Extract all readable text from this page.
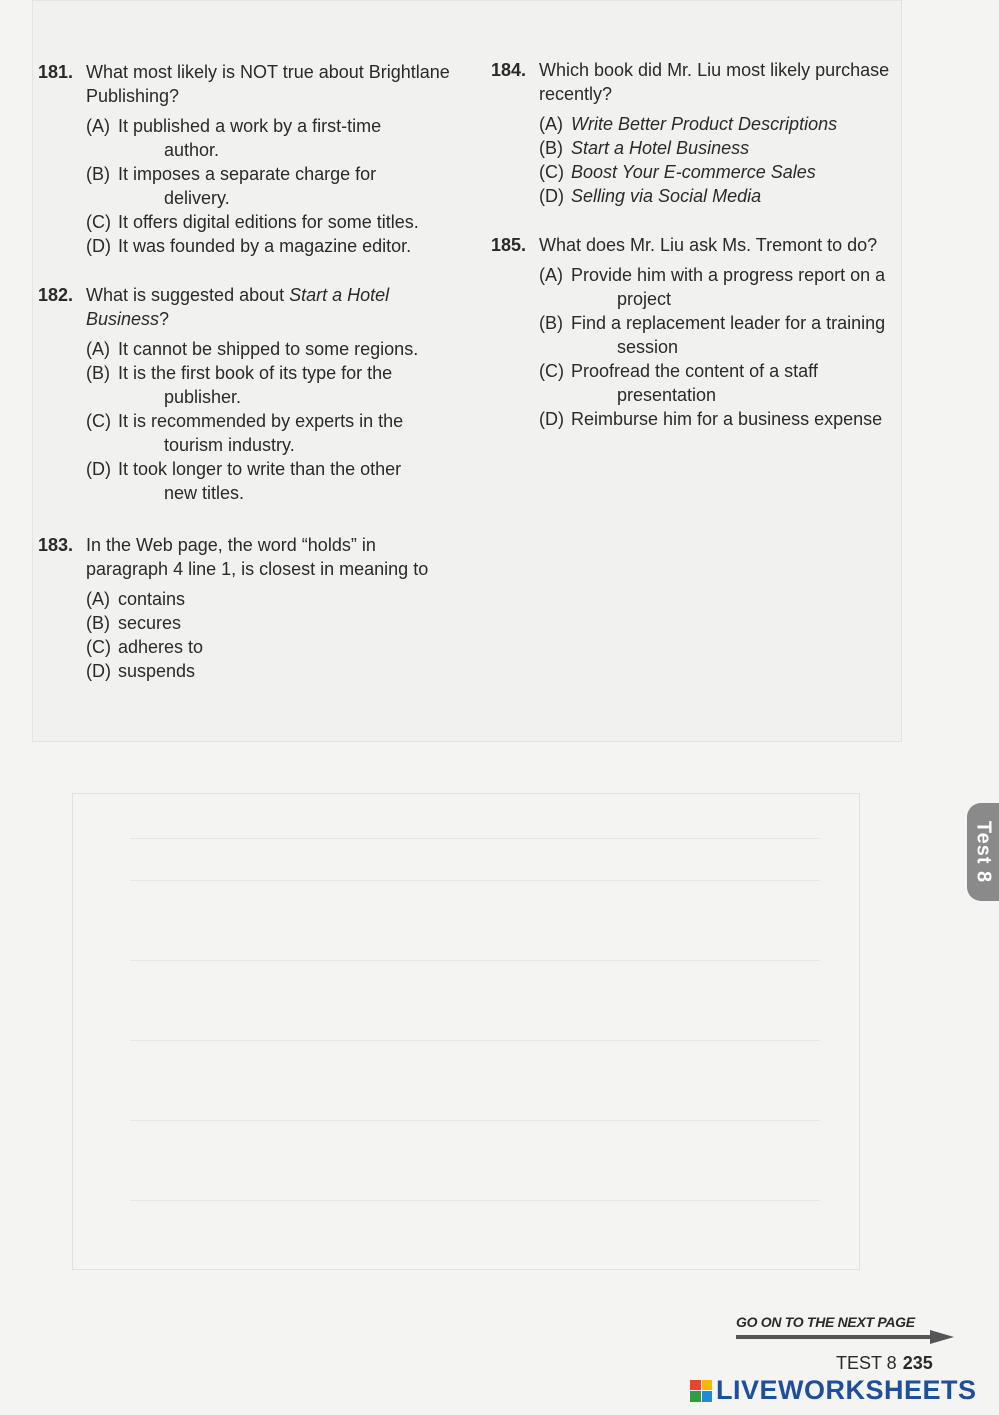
181. What most likely is NOT true about Brightlane Publishing?
(A) It published a work by a first-time
author.
(B) It imposes a separate charge for
delivery.
(C) It offers digital editions for some titles.
(D) It was founded by a magazine editor.
182. What is suggested about Start a Hotel Business?
(A) It cannot be shipped to some regions.
(B) It is the first book of its type for the
publisher.
(C) It is recommended by experts in the
tourism industry.
(D) It took longer to write than the other
new titles.
183. In the Web page, the word “holds” in paragraph 4 line 1, is closest in meaning to
(A) contains
(B) secures
(C) adheres to
(D) suspends
184. Which book did Mr. Liu most likely purchase recently?
(A) Write Better Product Descriptions
(B) Start a Hotel Business
(C) Boost Your E-commerce Sales
(D) Selling via Social Media
185. What does Mr. Liu ask Ms. Tremont to do?
(A) Provide him with a progress report on a
project
(B) Find a replacement leader for a training
session
(C) Proofread the content of a staff
presentation
(D) Reimburse him for a business expense
Test 8
GO ON TO THE NEXT PAGE
TEST 8 235
LIVEWORKSHEETS
